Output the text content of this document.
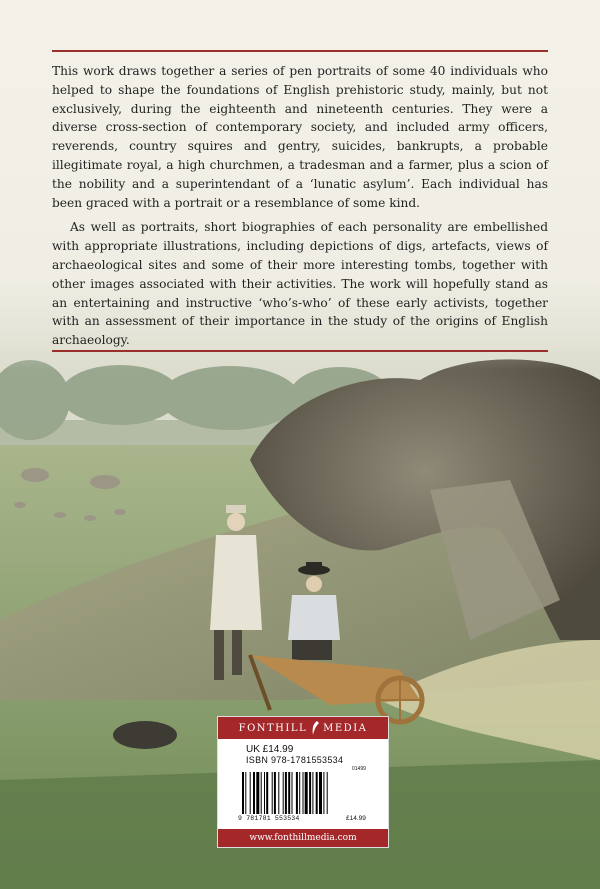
This work draws together a series of pen portraits of some 40 individuals who helped to shape the foundations of English prehistoric study, mainly, but not exclusively, during the eighteenth and nineteenth centuries. They were a diverse cross-section of contemporary society, and included army officers, reverends, country squires and gentry, suicides, bankrupts, a probable illegitimate royal, a high churchmen, a tradesman and a farmer, plus a scion of the nobility and a superintendant of a ‘lunatic asylum’. Each individual has been graced with a portrait or a resemblance of some kind.

As well as portraits, short biographies of each personality are embellished with appropriate illustrations, including depictions of digs, artefacts, views of archaeological sites and some of their more interesting tombs, together with other images associated with their activities. The work will hopefully stand as an entertaining and instructive ‘who’s-who’ of these early activists, together with an assessment of their importance in the study of the origins of English archaeology.

FONTHILL MEDIA
UK £14.99
ISBN 978-1781553534
01499
9 781781 553534	£14.99
www.fonthillmedia.com
